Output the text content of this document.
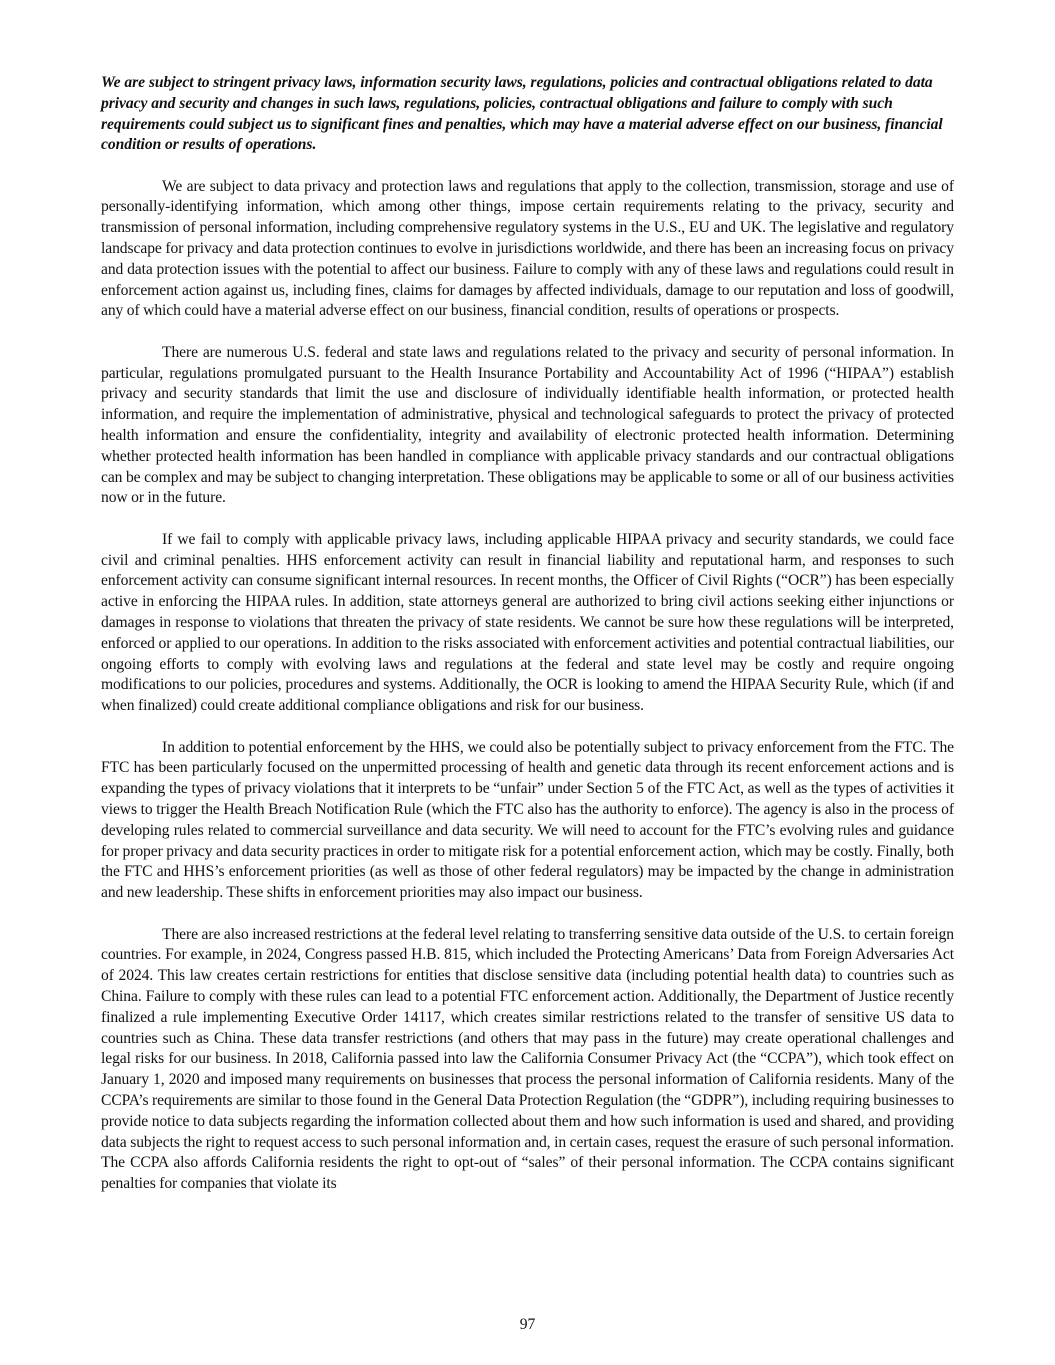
We are subject to stringent privacy laws, information security laws, regulations, policies and contractual obligations related to data privacy and security and changes in such laws, regulations, policies, contractual obligations and failure to comply with such requirements could subject us to significant fines and penalties, which may have a material adverse effect on our business, financial condition or results of operations.

We are subject to data privacy and protection laws and regulations that apply to the collection, transmission, storage and use of personally-identifying information, which among other things, impose certain requirements relating to the privacy, security and transmission of personal information, including comprehensive regulatory systems in the U.S., EU and UK. The legislative and regulatory landscape for privacy and data protection continues to evolve in jurisdictions worldwide, and there has been an increasing focus on privacy and data protection issues with the potential to affect our business. Failure to comply with any of these laws and regulations could result in enforcement action against us, including fines, claims for damages by affected individuals, damage to our reputation and loss of goodwill, any of which could have a material adverse effect on our business, financial condition, results of operations or prospects.

There are numerous U.S. federal and state laws and regulations related to the privacy and security of personal information. In particular, regulations promulgated pursuant to the Health Insurance Portability and Accountability Act of 1996 (“HIPAA”) establish privacy and security standards that limit the use and disclosure of individually identifiable health information, or protected health information, and require the implementation of administrative, physical and technological safeguards to protect the privacy of protected health information and ensure the confidentiality, integrity and availability of electronic protected health information. Determining whether protected health information has been handled in compliance with applicable privacy standards and our contractual obligations can be complex and may be subject to changing interpretation. These obligations may be applicable to some or all of our business activities now or in the future.

If we fail to comply with applicable privacy laws, including applicable HIPAA privacy and security standards, we could face civil and criminal penalties. HHS enforcement activity can result in financial liability and reputational harm, and responses to such enforcement activity can consume significant internal resources. In recent months, the Officer of Civil Rights (“OCR”) has been especially active in enforcing the HIPAA rules. In addition, state attorneys general are authorized to bring civil actions seeking either injunctions or damages in response to violations that threaten the privacy of state residents. We cannot be sure how these regulations will be interpreted, enforced or applied to our operations. In addition to the risks associated with enforcement activities and potential contractual liabilities, our ongoing efforts to comply with evolving laws and regulations at the federal and state level may be costly and require ongoing modifications to our policies, procedures and systems. Additionally, the OCR is looking to amend the HIPAA Security Rule, which (if and when finalized) could create additional compliance obligations and risk for our business.

In addition to potential enforcement by the HHS, we could also be potentially subject to privacy enforcement from the FTC. The FTC has been particularly focused on the unpermitted processing of health and genetic data through its recent enforcement actions and is expanding the types of privacy violations that it interprets to be “unfair” under Section 5 of the FTC Act, as well as the types of activities it views to trigger the Health Breach Notification Rule (which the FTC also has the authority to enforce). The agency is also in the process of developing rules related to commercial surveillance and data security. We will need to account for the FTC’s evolving rules and guidance for proper privacy and data security practices in order to mitigate risk for a potential enforcement action, which may be costly. Finally, both the FTC and HHS’s enforcement priorities (as well as those of other federal regulators) may be impacted by the change in administration and new leadership. These shifts in enforcement priorities may also impact our business.

There are also increased restrictions at the federal level relating to transferring sensitive data outside of the U.S. to certain foreign countries. For example, in 2024, Congress passed H.B. 815, which included the Protecting Americans’ Data from Foreign Adversaries Act of 2024. This law creates certain restrictions for entities that disclose sensitive data (including potential health data) to countries such as China. Failure to comply with these rules can lead to a potential FTC enforcement action. Additionally, the Department of Justice recently finalized a rule implementing Executive Order 14117, which creates similar restrictions related to the transfer of sensitive US data to countries such as China. These data transfer restrictions (and others that may pass in the future) may create operational challenges and legal risks for our business. In 2018, California passed into law the California Consumer Privacy Act (the “CCPA”), which took effect on January 1, 2020 and imposed many requirements on businesses that process the personal information of California residents. Many of the CCPA’s requirements are similar to those found in the General Data Protection Regulation (the “GDPR”), including requiring businesses to provide notice to data subjects regarding the information collected about them and how such information is used and shared, and providing data subjects the right to request access to such personal information and, in certain cases, request the erasure of such personal information. The CCPA also affords California residents the right to opt-out of “sales” of their personal information. The CCPA contains significant penalties for companies that violate its

97
